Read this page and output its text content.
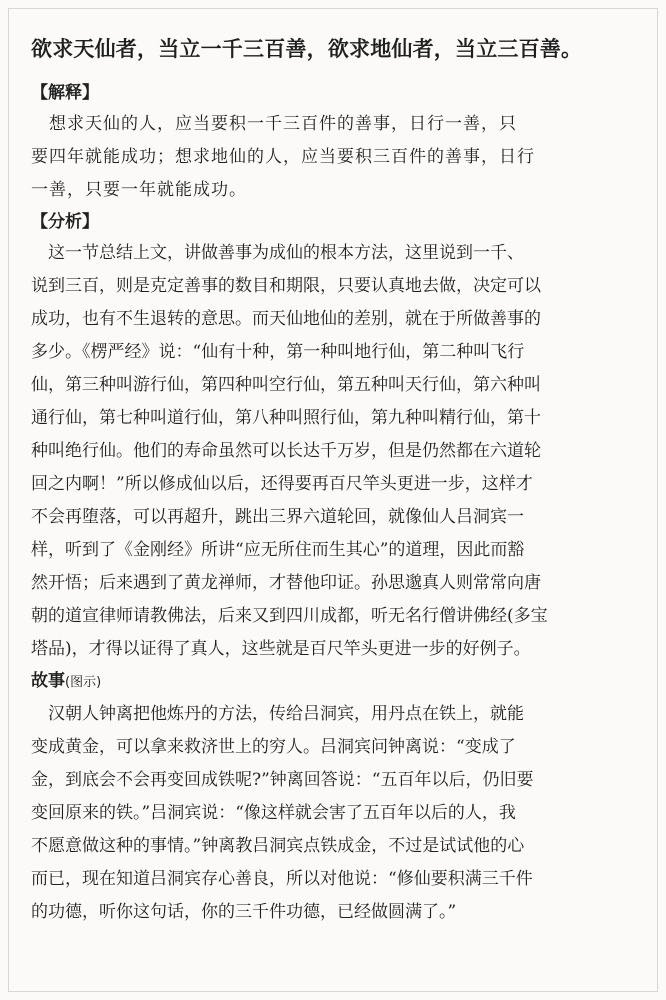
欲求天仙者，当立一千三百善，欲求地仙者，当立三百善。
【解释】
　想求天仙的人，应当要积一千三百件的善事，日行一善，只
要四年就能成功；想求地仙的人，应当要积三百件的善事，日行
一善，只要一年就能成功。
【分析】
　这一节总结上文，讲做善事为成仙的根本方法，这里说到一千、
说到三百，则是克定善事的数目和期限，只要认真地去做，决定可以
成功，也有不生退转的意思。而天仙地仙的差别，就在于所做善事的
多少。《楞严经》说：“仙有十种，第一种叫地行仙，第二种叫飞行
仙，第三种叫游行仙，第四种叫空行仙，第五种叫天行仙，第六种叫
通行仙，第七种叫道行仙，第八种叫照行仙，第九种叫精行仙，第十
种叫绝行仙。他们的寿命虽然可以长达千万岁，但是仍然都在六道轮
回之内啊！”所以修成仙以后，还得要再百尺竿头更进一步，这样才
不会再堕落，可以再超升，跳出三界六道轮回，就像仙人吕洞宾一
样，听到了《金刚经》所讲“应无所住而生其心”的道理，因此而豁
然开悟；后来遇到了黄龙禅师，才替他印证。孙思邈真人则常常向唐
朝的道宣律师请教佛法，后来又到四川成都，听无名行僧讲佛经(多宝
塔品)，才得以证得了真人，这些就是百尺竿头更进一步的好例子。
故事(图示)
　汉朝人钟离把他炼丹的方法，传给吕洞宾，用丹点在铁上，就能
变成黄金，可以拿来救济世上的穷人。吕洞宾问钟离说：“变成了
金，到底会不会再变回成铁呢?”钟离回答说：“五百年以后，仍旧要
变回原来的铁。”吕洞宾说：“像这样就会害了五百年以后的人，我
不愿意做这种的事情。”钟离教吕洞宾点铁成金，不过是试试他的心
而已，现在知道吕洞宾存心善良，所以对他说：“修仙要积满三千件
的功德，听你这句话，你的三千件功德，已经做圆满了。”
